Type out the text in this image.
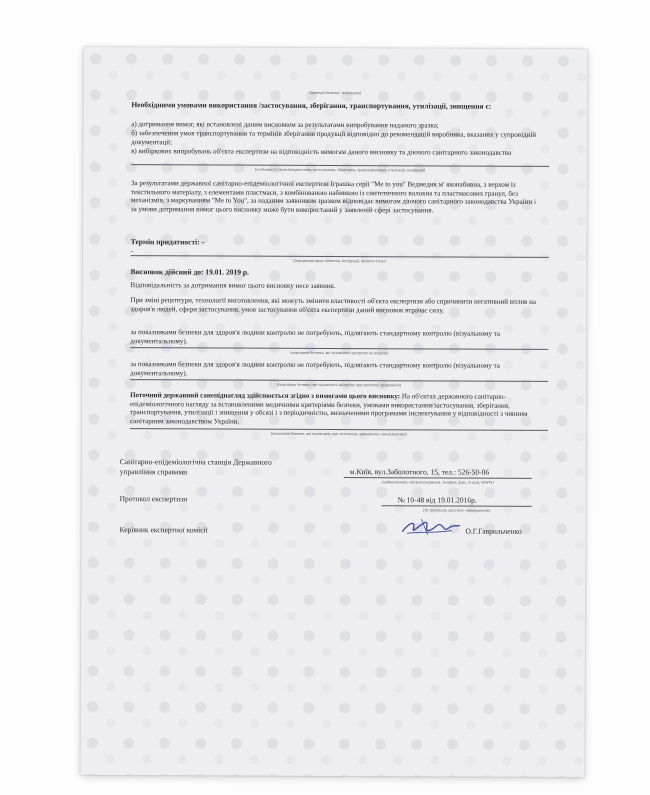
(критерії безпеки / показники)
Необхідними умовами використання /застосування, зберігання, транспортування, утилізації, знищення є:
а) дотримання вимог, які встановлені даним висновком за результатами випробування наданого зразка;
б) забезпечення умов транспортування та термінів зберігання продукції відповідно до рекомендацій виробника, вказаних у супровідній документації;
в) вибіркових випробувань об'єкта експертизи на відповідність вимогам даного висновку та діючого санітарного законодавства
(особливості умов використання, застосування, зберігання, транспортування, утилізації, знищення)
За результатами державної санітарно-епідеміологічної експертизи Іграшка серії "Me to you" Ведмедик м' яконабивна, з верхом із текстильного матеріалу, з елементами пластмаси, з комбінованою набивкою із синтетичного волокна та пластмасових гранул, без механізмів, з маркуванням "Me to You", за наданим заявником зразком відповідає вимогам діючого санітарного законодавства України і за умови дотримання вимог цього висновку може бути використаний у заявленій сфері застосування.
Термін придатності: -
-
(інформація щодо етикетки, інструкції, правила тощо)
Висновок дійсний до: 19.01. 2019 р.
Відповідальність за дотримання вимог цього висновку несе заявник.
При зміні рецептури, технології виготовлення, які можуть змінити властивості об'єкта експертизи або спричинити негативний вплив на здоров'я людей, сфери застосування, умов застосування об'єкта експертизи даний висновок втрачає силу.
за показниками безпеки для здоров'я людини контролю не потребують, підлягають стандартному контролю (візуальному та документальному).
(показники безпеки, які підлягають контролю на кордоні)
за показниками безпеки для здоров'я людини контролю не потребують, підлягають стандартному контролю (візуальному та документальному).
(показники безпеки, які підлягають контролю при митному оформленні)
Поточний державний санепіднагляд здійснюється згідно з вимогами цього висновку: На об'єктах державного санітарно-епідеміологічного нагляду за встановленими медичними критеріями безпеки, умовами використання/застосування, зберігання, транспортування, утилізації і знищення у обсязі і з періодичністю, визначеними програмами інспектування у відповідності з чинним санітарним законодавством України.
(показники безпеки, які підлягають при поточному державному санепіднагляді)
Санітарно-епідеміологічна станція Державного
управління справами	м.Київ, вул.Заболотного, 15, тел.: 526-50-06
(найменування, місцезнаходження, телефон, факс, E-mail, WWW)
Протокол експертизи	№ 10-48 від 19.01.2016р.
(№ протоколу, дата його затвердження)
Керівник експертної комісії	О.Г.Гаврильченко
